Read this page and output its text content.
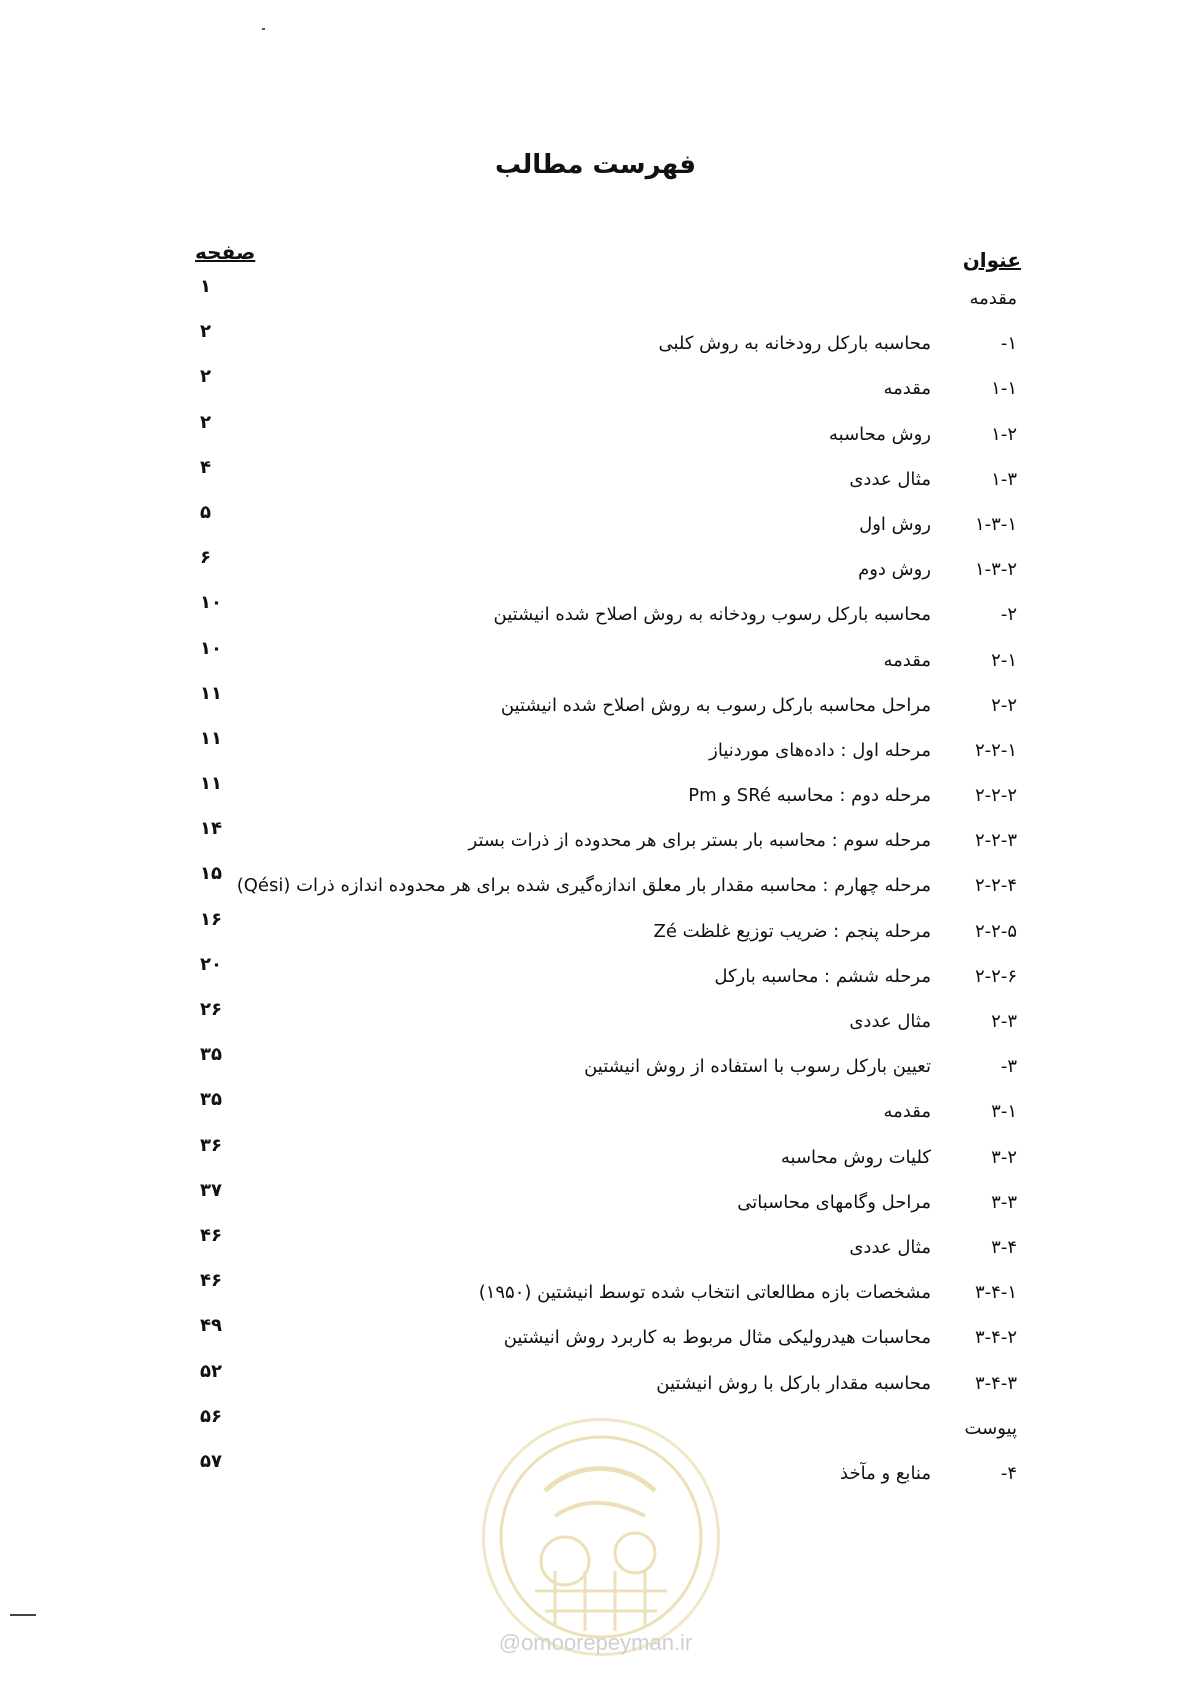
فهرست مطالب
عنوان
صفحه
مقدمه
۱
-۱
محاسبه بارکل رودخانه به روش کلبی
۲
۱-۱
مقدمه
۲
۱-۲
روش محاسبه
۲
۱-۳
مثال عددی
۴
۱-۳-۱
روش اول
۵
۱-۳-۲
روش دوم
۶
-۲
محاسبه بارکل رسوب رودخانه به روش اصلاح شده انیشتین
۱۰
۲-۱
مقدمه
۱۰
۲-۲
مراحل محاسبه بارکل رسوب به روش اصلاح شده انیشتین
۱۱
۲-۲-۱
مرحله اول : داده‌های موردنیاز
۱۱
۲-۲-۲
مرحله دوم : محاسبه SRé و Pm
۱۱
۲-۲-۳
مرحله سوم : محاسبه بار بستر برای هر محدوده از ذرات بستر
۱۴
۲-۲-۴
مرحله چهارم : محاسبه مقدار بار معلق اندازه‌گیری شده برای هر محدوده اندازه ذرات (Qési)
۱۵
۲-۲-۵
مرحله پنجم : ضریب توزیع غلظت Zé
۱۶
۲-۲-۶
مرحله ششم : محاسبه بارکل
۲۰
۲-۳
مثال عددی
۲۶
-۳
تعیین بارکل رسوب با استفاده از روش انیشتین
۳۵
۳-۱
مقدمه
۳۵
۳-۲
کلیات روش محاسبه
۳۶
۳-۳
مراحل وگامهای محاسباتی
۳۷
۳-۴
مثال عددی
۴۶
۳-۴-۱
مشخصات بازه مطالعاتی انتخاب شده توسط انیشتین (۱۹۵۰)
۴۶
۳-۴-۲
محاسبات هیدرولیکی مثال مربوط به کاربرد روش انیشتین
۴۹
۳-۴-۳
محاسبه مقدار بارکل با روش انیشتین
۵۲
پیوست
۵۶
-۴
منابع و مآخذ
۵۷
@omoorepeyman.ir
